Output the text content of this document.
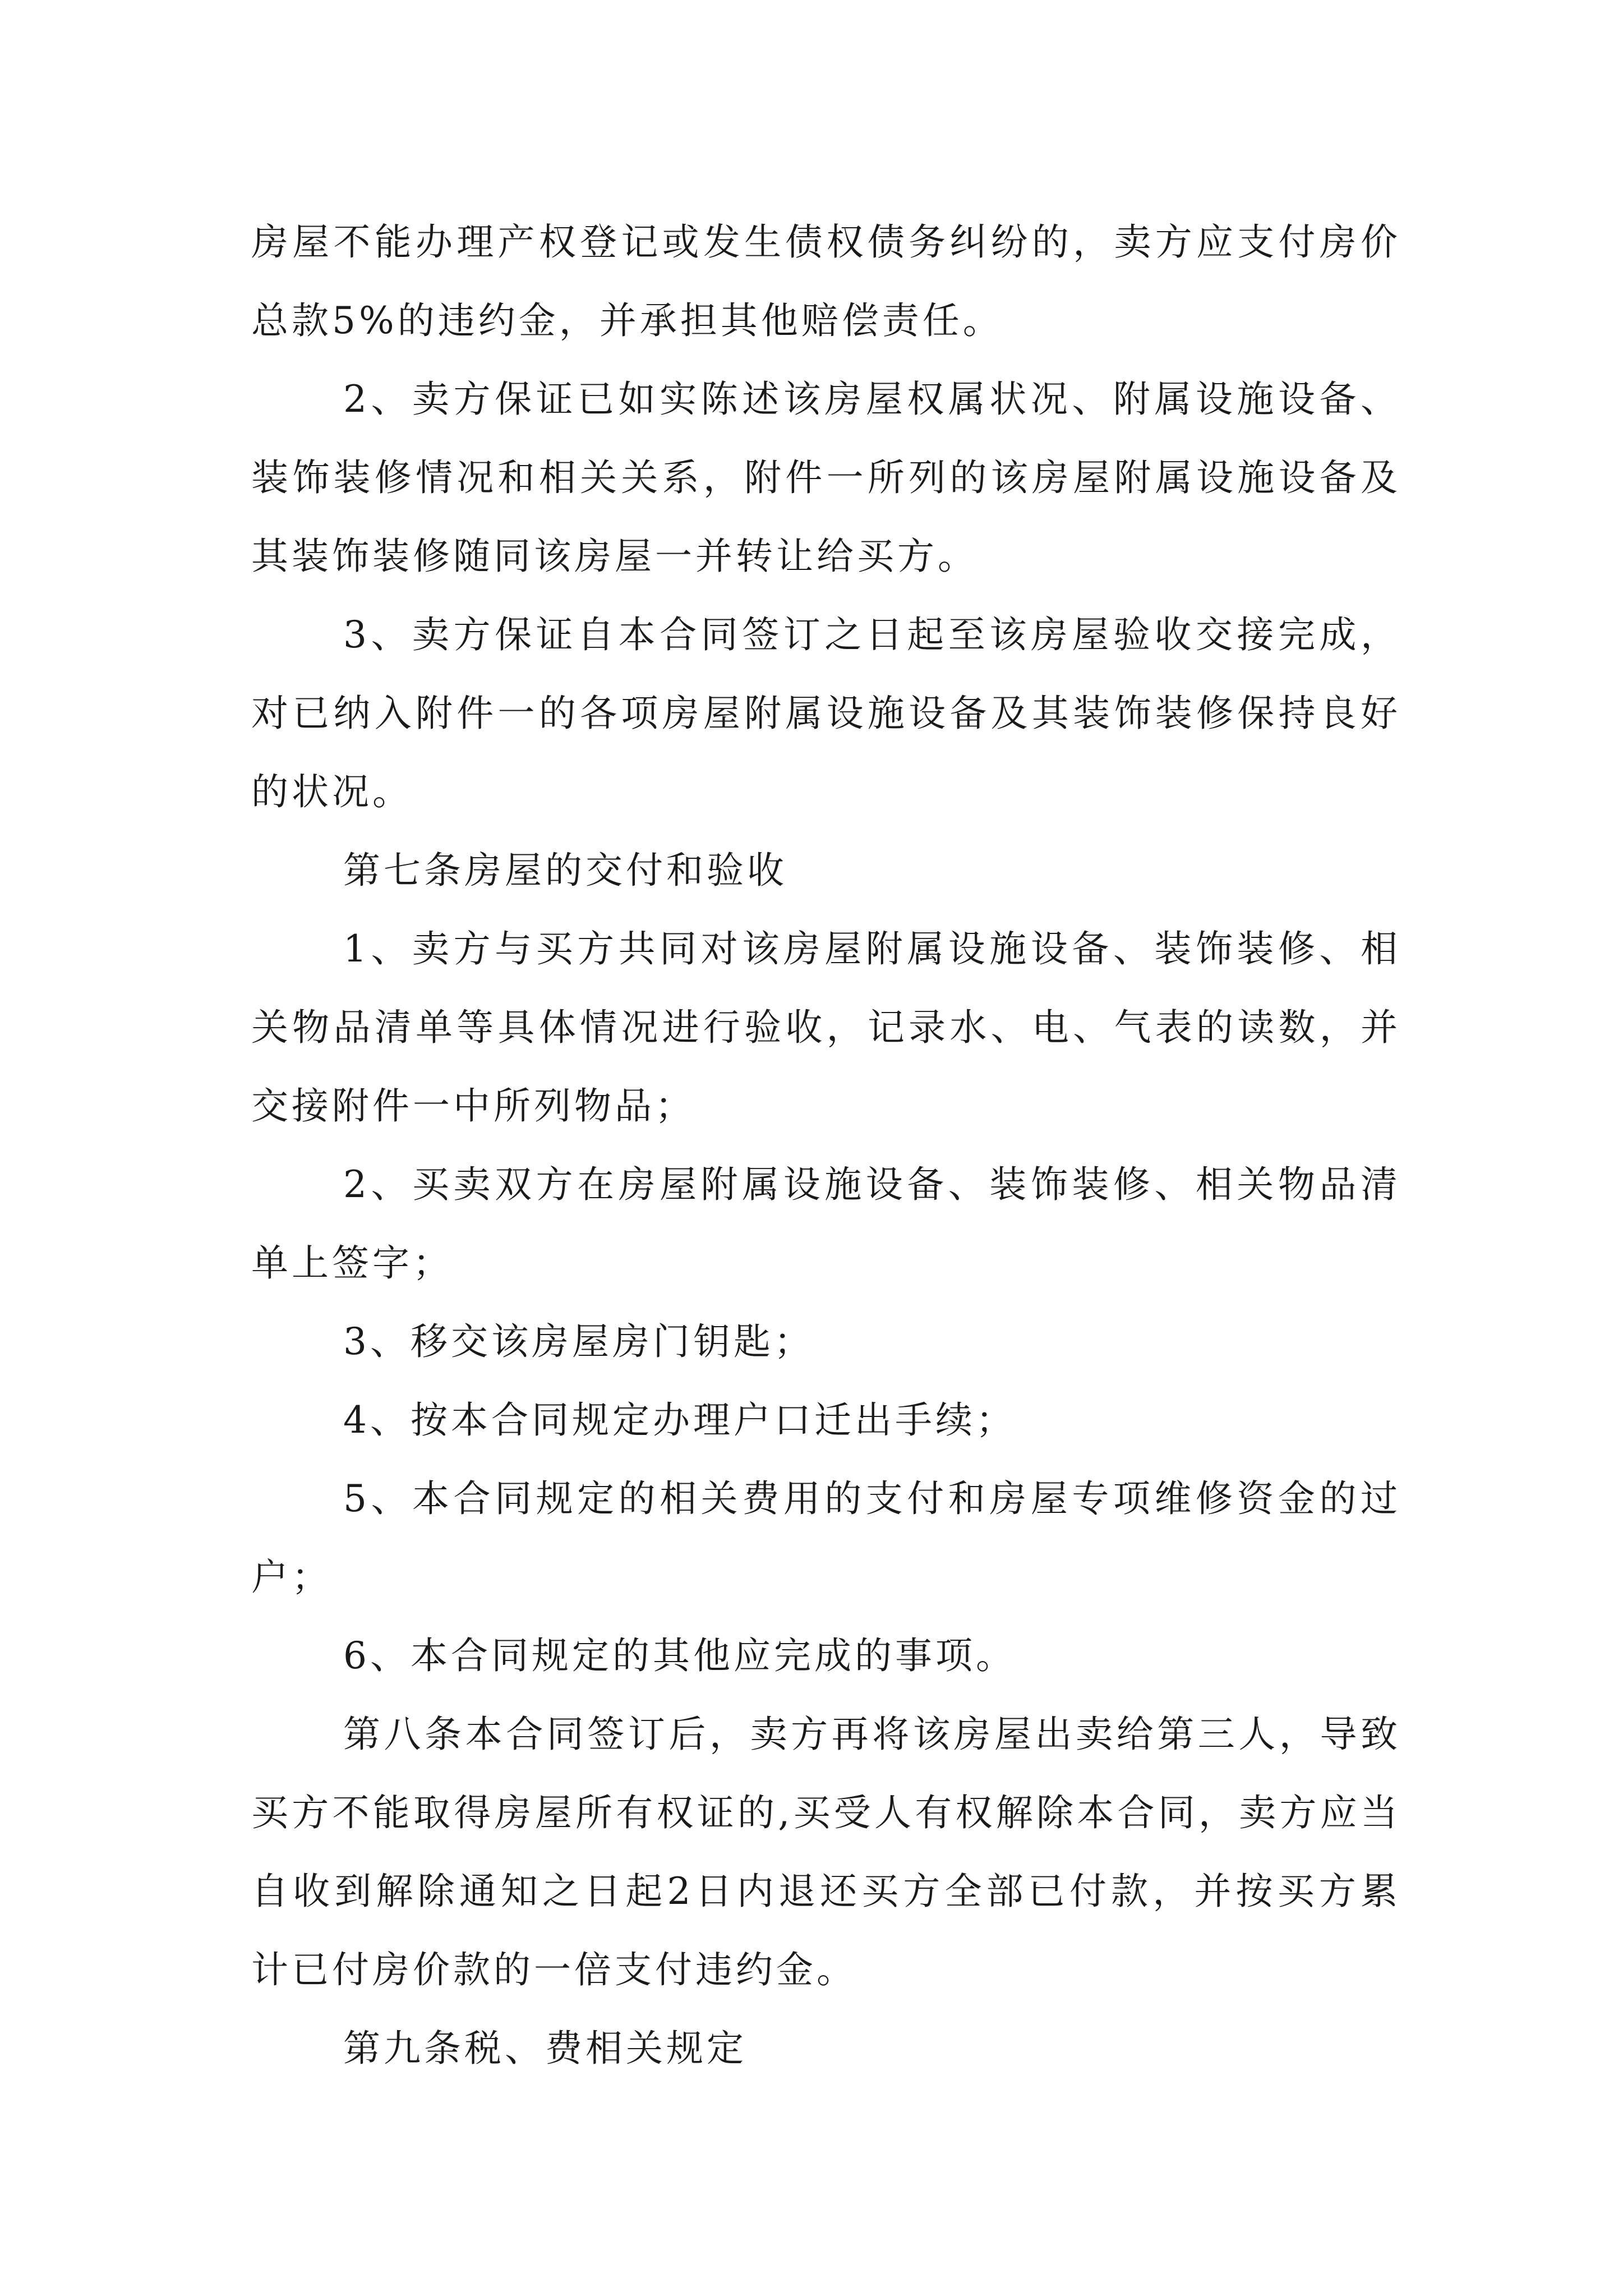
房屋不能办理产权登记或发生债权债务纠纷的，卖方应支付房价总款5%的违约金，并承担其他赔偿责任。

2、卖方保证已如实陈述该房屋权属状况、附属设施设备、装饰装修情况和相关关系，附件一所列的该房屋附属设施设备及其装饰装修随同该房屋一并转让给买方。

3、卖方保证自本合同签订之日起至该房屋验收交接完成，对已纳入附件一的各项房屋附属设施设备及其装饰装修保持良好的状况。

第七条房屋的交付和验收

1、卖方与买方共同对该房屋附属设施设备、装饰装修、相关物品清单等具体情况进行验收，记录水、电、气表的读数，并交接附件一中所列物品；

2、买卖双方在房屋附属设施设备、装饰装修、相关物品清单上签字；

3、移交该房屋房门钥匙；

4、按本合同规定办理户口迁出手续；

5、本合同规定的相关费用的支付和房屋专项维修资金的过户；

6、本合同规定的其他应完成的事项。

第八条本合同签订后，卖方再将该房屋出卖给第三人，导致买方不能取得房屋所有权证的,买受人有权解除本合同，卖方应当自收到解除通知之日起2日内退还买方全部已付款，并按买方累计已付房价款的一倍支付违约金。

第九条税、费相关规定
